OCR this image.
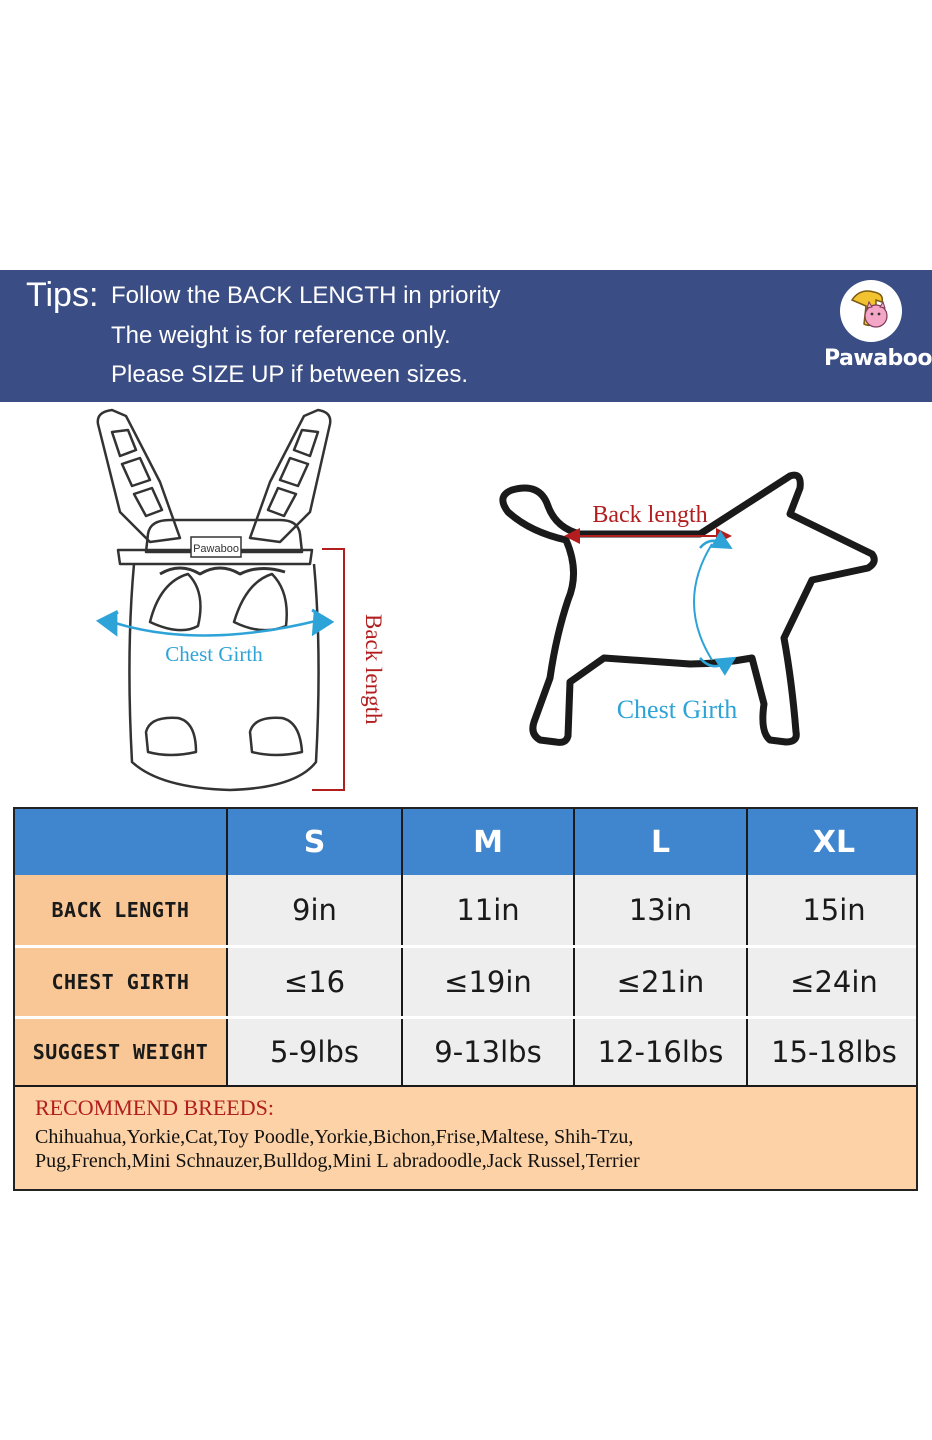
Tips: Follow the BACK LENGTH in priority
The weight is for reference only.
Please SIZE UP if between sizes.
Pawaboo
Pawaboo
Chest Girth	Back length
Back length
Chest Girth
S	M	L	XL
BACK LENGTH	9in	11in	13in	15in
CHEST GIRTH	≤16	≤19in	≤21in	≤24in
SUGGEST WEIGHT	5-9lbs	9-13lbs	12-16lbs	15-18lbs
RECOMMEND BREEDS:
Chihuahua,Yorkie,Cat,Toy Poodle,Yorkie,Bichon,Frise,Maltese, Shih-Tzu,
Pug,French,Mini Schnauzer,Bulldog,Mini L abradoodle,Jack Russel,Terrier
